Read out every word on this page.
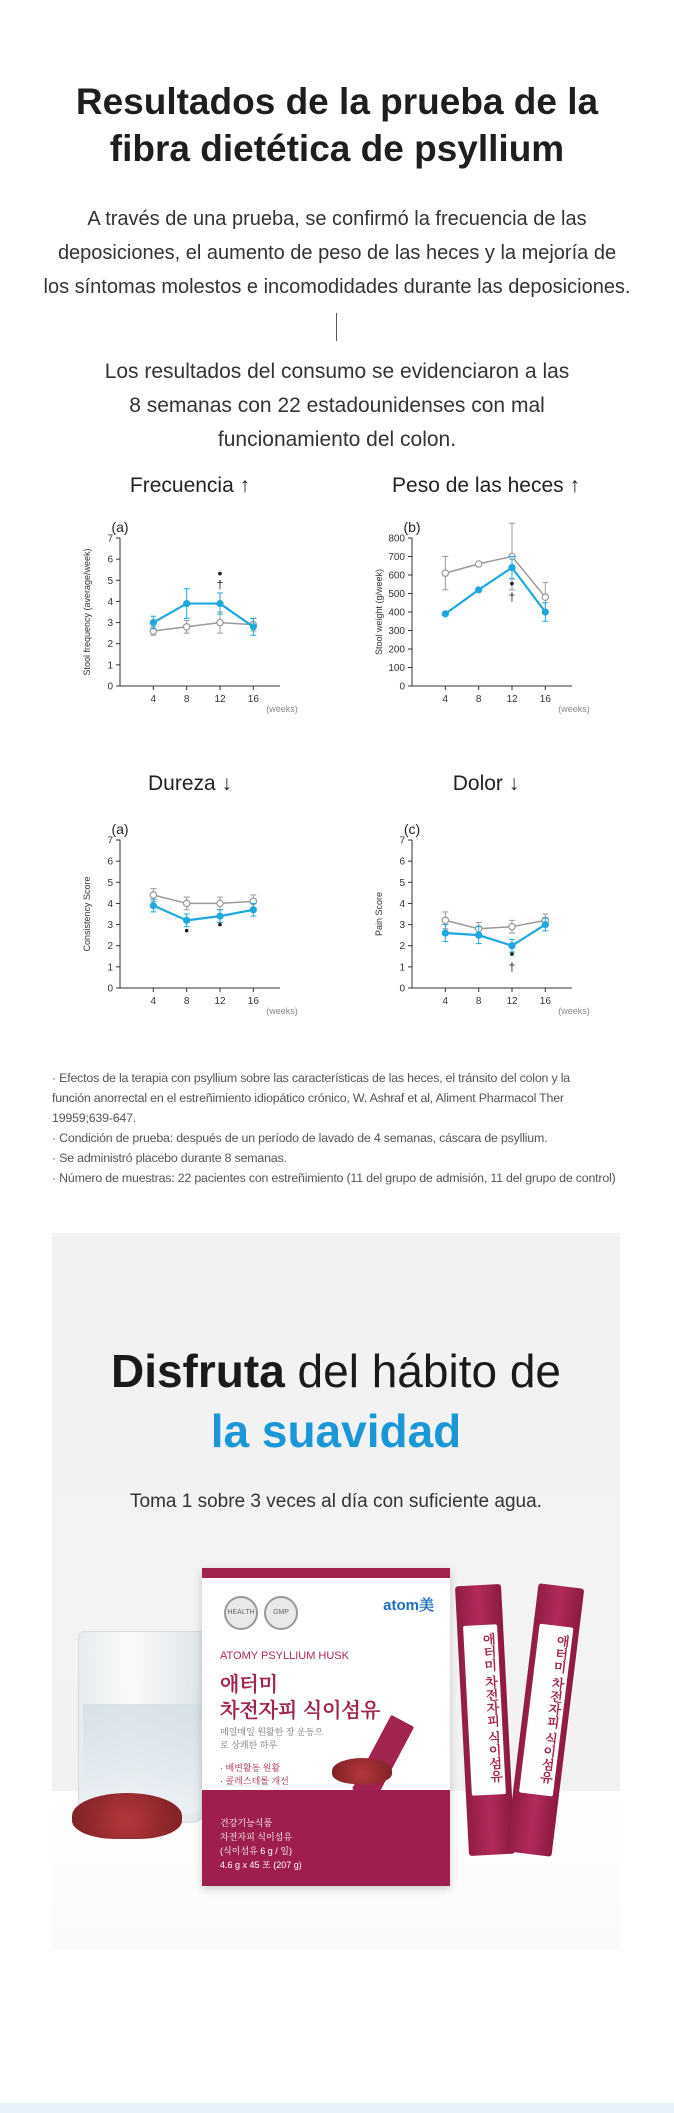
Resultados de la prueba de la
fibra dietética de psyllium
A través de una prueba, se confirmó la frecuencia de las
deposiciones, el aumento de peso de las heces y la mejoría de
los síntomas molestos e incomodidades durante las deposiciones.
Los resultados del consumo se evidenciaron a las
8 semanas con 22 estadounidenses con mal
funcionamiento del colon.
Frecuencia ↑	Peso de las heces ↑
Dureza ↓	Dolor ↓
0
1
2
3
4
5
6
7
4	8 12 16
(weeks)
Stool frequency (average/week)
(a)
•
†
0
100
200
300
400
500
600
700
800
4	8 12 16
(weeks)
Stool weight (g/week)
(b)
•
†
0
1
2
3
4
5
6
7
4	8 12 16
(weeks)
Consistency Score
(a)
• •
0
1
2
3
4
5
6
7
4	8 12 16
(weeks)
Pain Score
(c)
•
†

· Efectos de la terapia con psyllium sobre las características de las heces, el tránsito del colon y la

función anorrectal en el estreñimiento idiopático crónico, W. Ashraf et al, Aliment Pharmacol Ther

19959;639-647.

· Condición de prueba: después de un período de lavado de 4 semanas, cáscara de psyllium.

· Se administró placebo durante 8 semanas.

· Número de muestras: 22 pacientes con estreñimiento (11 del grupo de admisión, 11 del grupo de control)

Disfruta del hábito de
la suavidad
Toma 1 sobre 3 veces al día con suficiente agua.
HEALTH	GMP	atom美
ATOMY PSYLLIUM HUSK
애터미
차전자피 식이섬유
매일매일 원활한 장 운동으로 상쾌한 하루
· 배변활동 원활
· 콜레스테롤 개선
건강기능식품
차전자피 식이섬유
(식이섬유 6 g / 일)
4.6 g x 45 포 (207 g)
애터미 차전자피 식이섬유	애터미 차전자피 식이섬유
